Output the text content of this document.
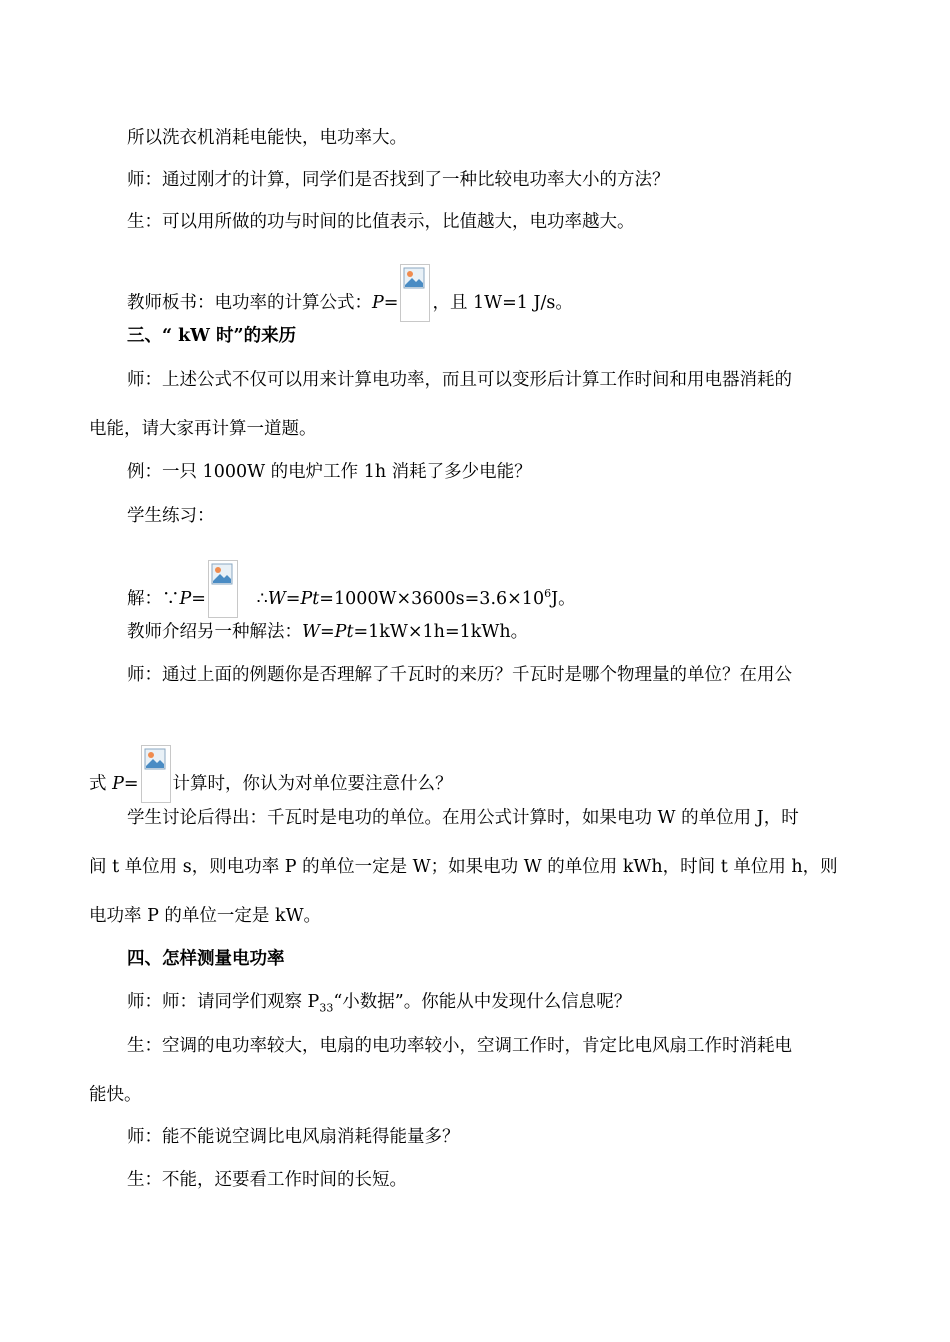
所以洗衣机消耗电能快，电功率大。
师：通过刚才的计算，同学们是否找到了一种比较电功率大小的方法？
生：可以用所做的功与时间的比值表示，比值越大，电功率越大。
教师板书：电功率的计算公式：P= ，且 1W=1 J/s。
三、“ kW 时”的来历
师：上述公式不仅可以用来计算电功率，而且可以变形后计算工作时间和用电器消耗的
电能，请大家再计算一道题。
例：一只 1000W 的电炉工作 1h 消耗了多少电能？
学生练习：
解：∵P=	$\therefore W=Pt=1000W\times 3600s=3.6\times 10^6J$。
教师介绍另一种解法：W=Pt=1kW×1h=1kWh。
师：通过上面的例题你是否理解了千瓦时的来历？千瓦时是哪个物理量的单位？在用公
式 P= 计算时，你认为对单位要注意什么？
学生讨论后得出：千瓦时是电功的单位。在用公式计算时，如果电功 W 的单位用 J，时
间 t 单位用 s，则电功率 P 的单位一定是 W；如果电功 W 的单位用 kWh，时间 t 单位用 h，则
电功率 P 的单位一定是 kW。
四、怎样测量电功率
师：师：请同学们观察 $P_{33}“$小数据”。你能从中发现什么信息呢？
生：空调的电功率较大，电扇的电功率较小，空调工作时，肯定比电风扇工作时消耗电
能快。
师：能不能说空调比电风扇消耗得能量多？
生：不能，还要看工作时间的长短。
